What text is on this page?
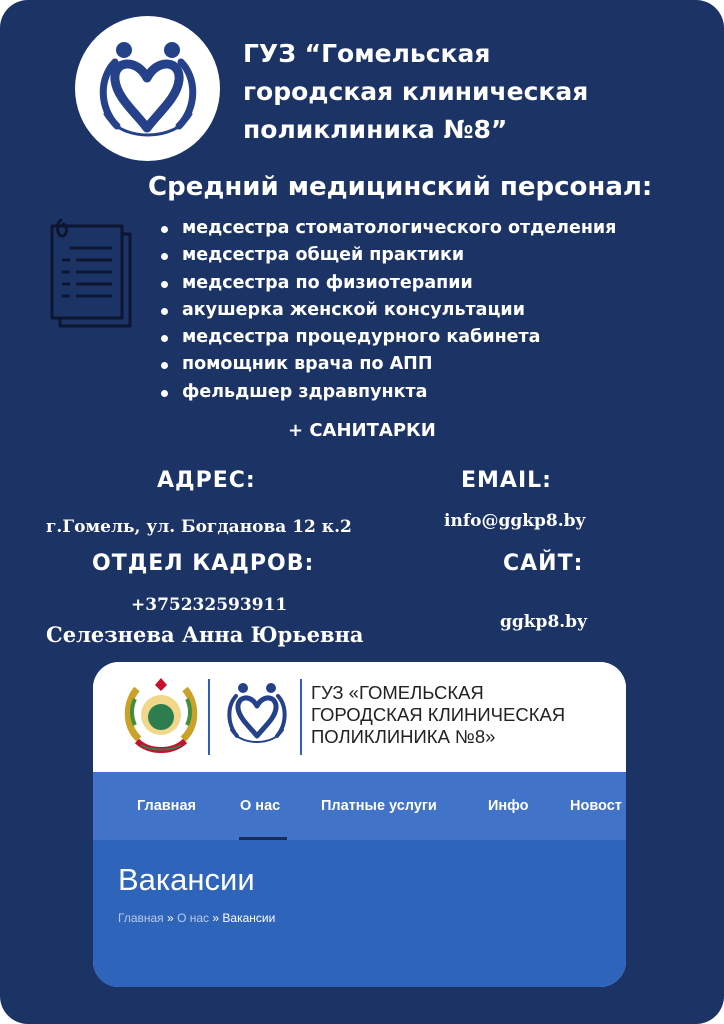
ГУЗ “Гомельская
городская клиническая
поликлиника №8”
Средний медицинский персонал:
медсестра стоматологического отделения
медсестра общей практики
медсестра по физиотерапии
акушерка женской консультации
медсестра процедурного кабинета
помощник врача по АПП
фельдшер здравпункта
+ САНИТАРКИ
АДРЕС:
г.Гомель, ул. Богданова 12 к.2
EMAIL:
info@ggkp8.by
ОТДЕЛ КАДРОВ:
+375232593911
Селезнева Анна Юрьевна
САЙТ:
ggkp8.by
ГУЗ «ГОМЕЛЬСКАЯ
ГОРОДСКАЯ КЛИНИЧЕСКАЯ
ПОЛИКЛИНИКА №8»
Главная	О нас	Платные услуги	Инфо	Новост
Вакансии
Главная » О нас » Вакансии
